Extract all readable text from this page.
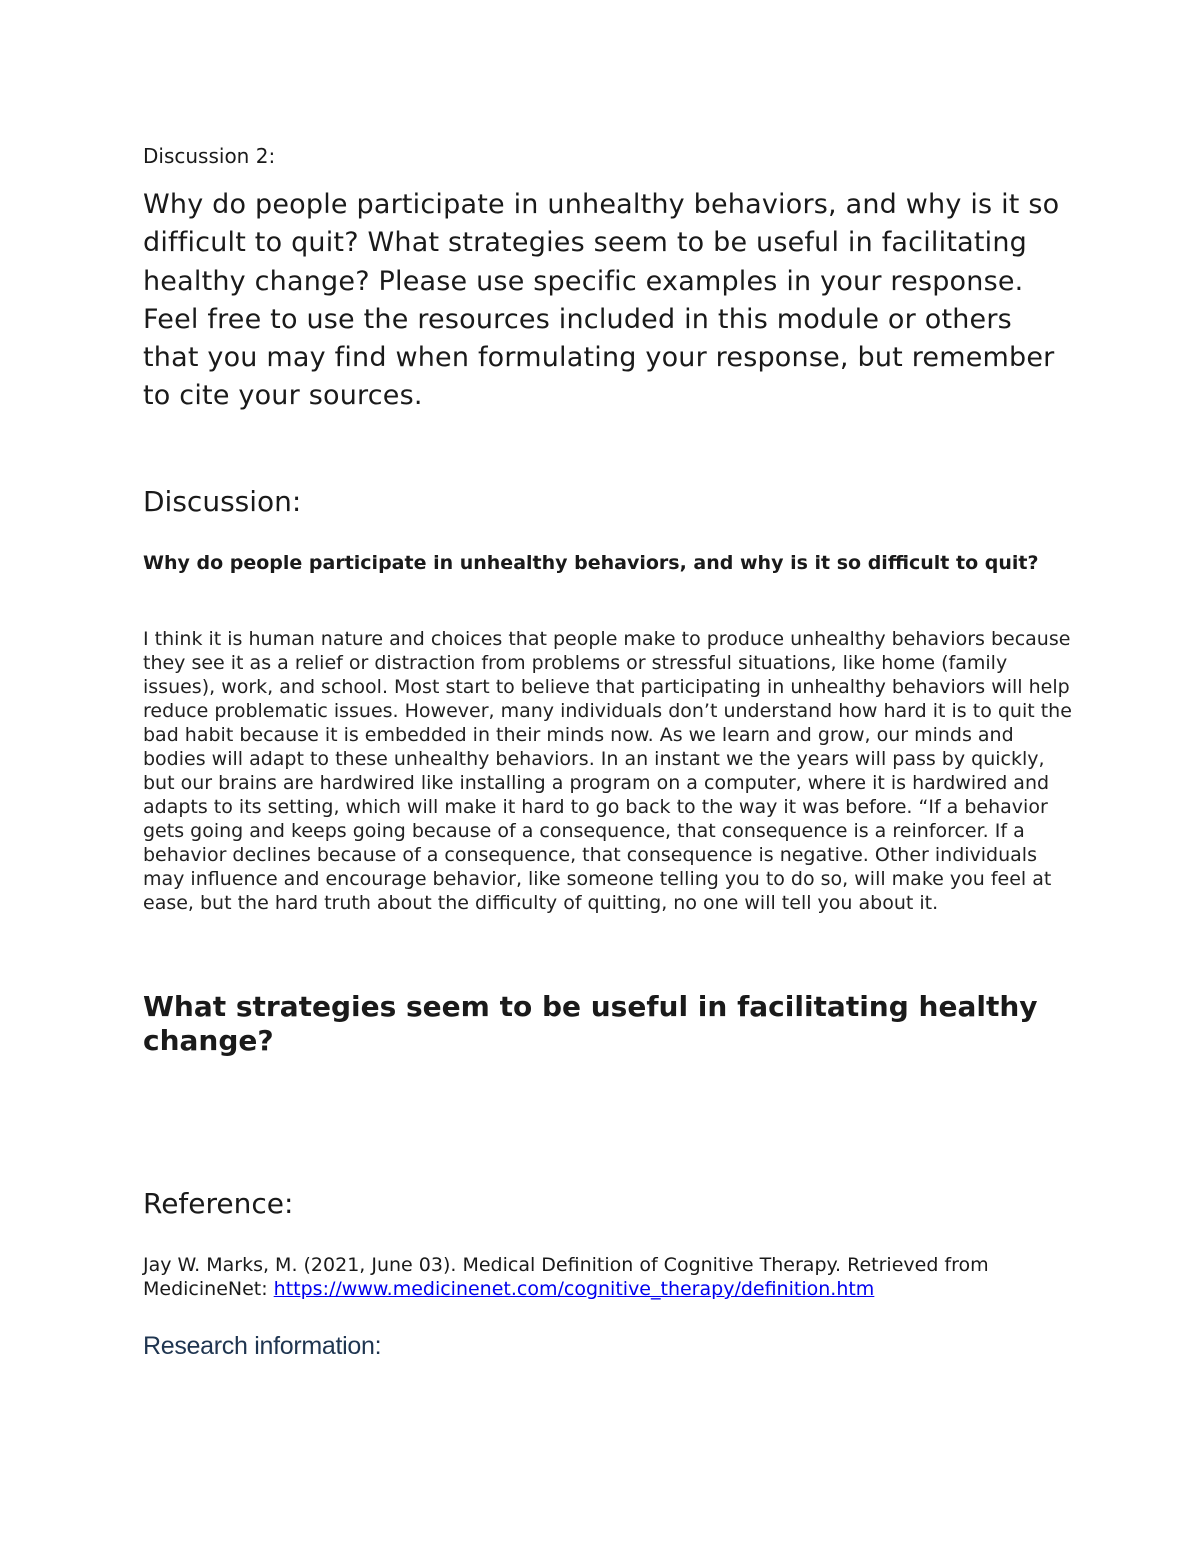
Discussion 2:

Why do people participate in unhealthy behaviors, and why is it so difficult to quit? What strategies seem to be useful in facilitating healthy change? Please use specific examples in your response. Feel free to use the resources included in this module or others that you may find when formulating your response, but remember to cite your sources.

Discussion:
Why do people participate in unhealthy behaviors, and why is it so difficult to quit?

I think it is human nature and choices that people make to produce unhealthy behaviors because they see it as a relief or distraction from problems or stressful situations, like home (family issues), work, and school. Most start to believe that participating in unhealthy behaviors will help reduce problematic issues. However, many individuals don’t understand how hard it is to quit the bad habit because it is embedded in their minds now. As we learn and grow, our minds and bodies will adapt to these unhealthy behaviors. In an instant we the years will pass by quickly, but our brains are hardwired like installing a program on a computer, where it is hardwired and adapts to its setting, which will make it hard to go back to the way it was before. “If a behavior gets going and keeps going because of a consequence, that consequence is a reinforcer. If a behavior declines because of a consequence, that consequence is negative. Other individuals may influence and encourage behavior, like someone telling you to do so, will make you feel at ease, but the hard truth about the difficulty of quitting, no one will tell you about it.

What strategies seem to be useful in facilitating healthy change?
Reference:

Jay W. Marks, M. (2021, June 03). Medical Definition of Cognitive Therapy. Retrieved from MedicineNet: https://www.medicinenet.com/cognitive_therapy/definition.htm

Research information:
